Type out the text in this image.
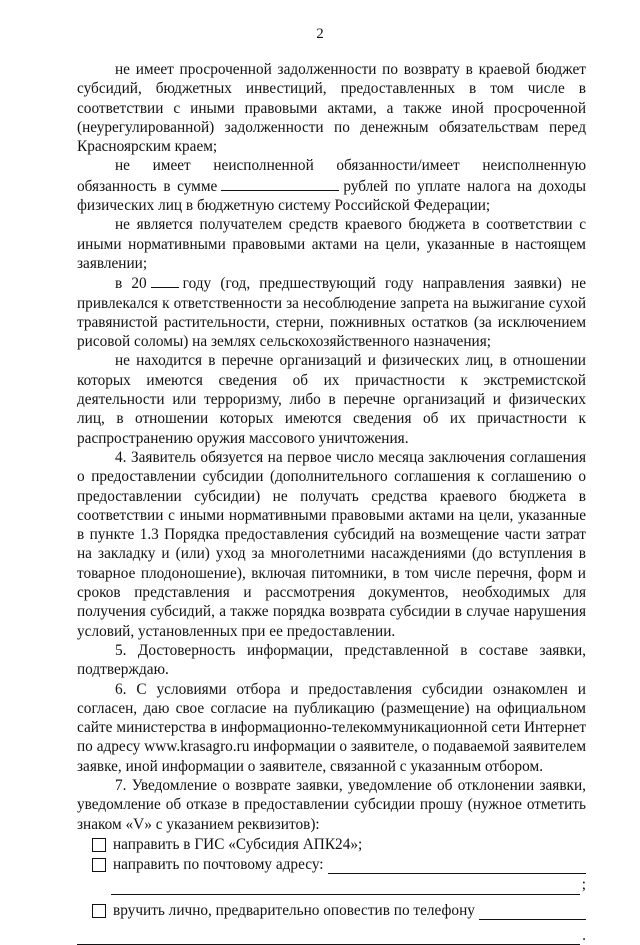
2

не имеет просроченной задолженности по возврату в краевой бюджет субсидий, бюджетных инвестиций, предоставленных в том числе в соответствии с иными правовыми актами, а также иной просроченной (неурегулированной) задолженности по денежным обязательствам перед Красноярским краем;

не имеет неисполненной обязанности/имеет неисполненную обязанность в сумме	рублей по уплате налога на доходы физических лиц в бюджетную систему Российской Федерации;

не является получателем средств краевого бюджета в соответствии с иными нормативными правовыми актами на цели, указанные в настоящем заявлении;

в 20 году (год, предшествующий году направления заявки) не привлекался к ответственности за несоблюдение запрета на выжигание сухой травянистой растительности, стерни, пожнивных остатков (за исключением рисовой соломы) на землях сельскохозяйственного назначения;

не находится в перечне организаций и физических лиц, в отношении которых имеются сведения об их причастности к экстремистской деятельности или терроризму, либо в перечне организаций и физических лиц, в отношении которых имеются сведения об их причастности к распространению оружия массового уничтожения.

4. Заявитель обязуется на первое число месяца заключения соглашения о предоставлении субсидии (дополнительного соглашения к соглашению о предоставлении субсидии) не получать средства краевого бюджета в соответствии с иными нормативными правовыми актами на цели, указанные в пункте 1.3 Порядка предоставления субсидий на возмещение части затрат на закладку и (или) уход за многолетними насаждениями (до вступления в товарное плодоношение), включая питомники, в том числе перечня, форм и сроков представления и рассмотрения документов, необходимых для получения субсидий, а также порядка возврата субсидии в случае нарушения условий, установленных при ее предоставлении.

5. Достоверность информации, представленной в составе заявки, подтверждаю.

6. С условиями отбора и предоставления субсидии ознакомлен и согласен, даю свое согласие на публикацию (размещение) на официальном сайте министерства в информационно-телекоммуникационной сети Интернет по адресу www.krasagro.ru информации о заявителе, о подаваемой заявителем заявке, иной информации о заявителе, связанной с указанным отбором.

7. Уведомление о возврате заявки, уведомление об отклонении заявки, уведомление об отказе в предоставлении субсидии прошу (нужное отметить знаком «V» с указанием реквизитов):

направить в ГИС «Субсидия АПК24»;
направить по почтовому адресу:
;
вручить лично, предварительно оповестив по телефону
.
